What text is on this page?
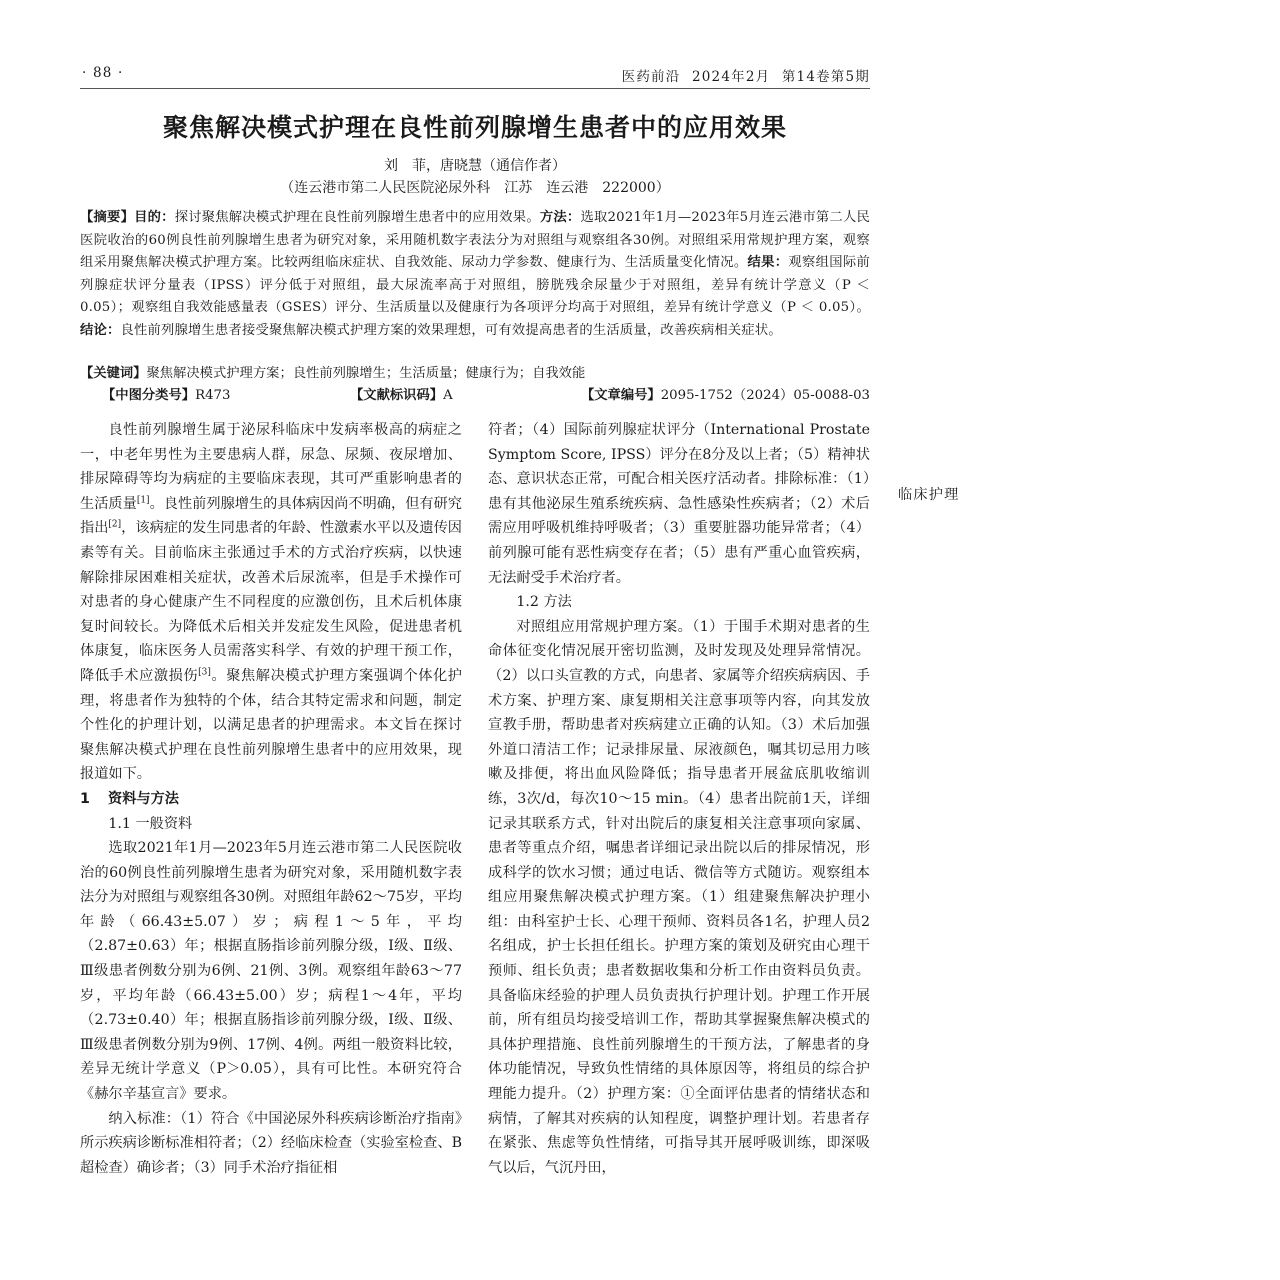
· 88 ·	医药前沿 2024年2月 第14卷第5期
临床护理
聚焦解决模式护理在良性前列腺增生患者中的应用效果
刘　菲，唐晓慧（通信作者）
（连云港市第二人民医院泌尿外科　江苏　连云港　222000）
【摘要】目的：探讨聚焦解决模式护理在良性前列腺增生患者中的应用效果。方法：选取2021年1月—2023年5月连云港市第二人民医院收治的60例良性前列腺增生患者为研究对象，采用随机数字表法分为对照组与观察组各30例。对照组采用常规护理方案，观察组采用聚焦解决模式护理方案。比较两组临床症状、自我效能、尿动力学参数、健康行为、生活质量变化情况。结果：观察组国际前列腺症状评分量表（IPSS）评分低于对照组，最大尿流率高于对照组，膀胱残余尿量少于对照组，差异有统计学意义（P ＜ 0.05）；观察组自我效能感量表（GSES）评分、生活质量以及健康行为各项评分均高于对照组，差异有统计学意义（P ＜ 0.05）。结论：良性前列腺增生患者接受聚焦解决模式护理方案的效果理想，可有效提高患者的生活质量，改善疾病相关症状。
【关键词】聚焦解决模式护理方案；良性前列腺增生；生活质量；健康行为；自我效能
【中图分类号】R473	【文献标识码】A	【文章编号】2095-1752（2024）05-0088-03

良性前列腺增生属于泌尿科临床中发病率极高的病症之一，中老年男性为主要患病人群，尿急、尿频、夜尿增加、排尿障碍等均为病症的主要临床表现，其可严重影响患者的生活质量[1]。良性前列腺增生的具体病因尚不明确，但有研究指出[2]，该病症的发生同患者的年龄、性激素水平以及遗传因素等有关。目前临床主张通过手术的方式治疗疾病，以快速解除排尿困难相关症状，改善术后尿流率，但是手术操作可对患者的身心健康产生不同程度的应激创伤，且术后机体康复时间较长。为降低术后相关并发症发生风险，促进患者机体康复，临床医务人员需落实科学、有效的护理干预工作，降低手术应激损伤[3]。聚焦解决模式护理方案强调个体化护理，将患者作为独特的个体，结合其特定需求和问题，制定个性化的护理计划，以满足患者的护理需求。本文旨在探讨聚焦解决模式护理在良性前列腺增生患者中的应用效果，现报道如下。

1 资料与方法
1.1 一般资料

选取2021年1月—2023年5月连云港市第二人民医院收治的60例良性前列腺增生患者为研究对象，采用随机数字表法分为对照组与观察组各30例。对照组年龄62～75岁，平均年龄（66.43±5.07）岁；病程1～5年，平均（2.87±0.63）年；根据直肠指诊前列腺分级，Ⅰ级、Ⅱ级、Ⅲ级患者例数分别为6例、21例、3例。观察组年龄63～77岁，平均年龄（66.43±5.00）岁；病程1～4年，平均（2.73±0.40）年；根据直肠指诊前列腺分级，Ⅰ级、Ⅱ级、Ⅲ级患者例数分别为9例、17例、4例。两组一般资料比较，差异无统计学意义（P＞0.05），具有可比性。本研究符合《赫尔辛基宣言》要求。

纳入标准：（1）符合《中国泌尿外科疾病诊断治疗指南》所示疾病诊断标准相符者；（2）经临床检查（实验室检查、B超检查）确诊者；（3）同手术治疗指征相

符者；（4）国际前列腺症状评分（International Prostate Symptom Score, IPSS）评分在8分及以上者；（5）精神状态、意识状态正常，可配合相关医疗活动者。排除标准：（1）患有其他泌尿生殖系统疾病、急性感染性疾病者；（2）术后需应用呼吸机维持呼吸者；（3）重要脏器功能异常者；（4）前列腺可能有恶性病变存在者；（5）患有严重心血管疾病，无法耐受手术治疗者。

1.2 方法

对照组应用常规护理方案。（1）于围手术期对患者的生命体征变化情况展开密切监测，及时发现及处理异常情况。（2）以口头宣教的方式，向患者、家属等介绍疾病病因、手术方案、护理方案、康复期相关注意事项等内容，向其发放宣教手册，帮助患者对疾病建立正确的认知。（3）术后加强外道口清洁工作；记录排尿量、尿液颜色，嘱其切忌用力咳嗽及排便，将出血风险降低；指导患者开展盆底肌收缩训练，3次/d，每次10～15 min。（4）患者出院前1天，详细记录其联系方式，针对出院后的康复相关注意事项向家属、患者等重点介绍，嘱患者详细记录出院以后的排尿情况，形成科学的饮水习惯；通过电话、微信等方式随访。观察组本组应用聚焦解决模式护理方案。（1）组建聚焦解决护理小组：由科室护士长、心理干预师、资料员各1名，护理人员2名组成，护士长担任组长。护理方案的策划及研究由心理干预师、组长负责；患者数据收集和分析工作由资料员负责。具备临床经验的护理人员负责执行护理计划。护理工作开展前，所有组员均接受培训工作，帮助其掌握聚焦解决模式的具体护理措施、良性前列腺增生的干预方法，了解患者的身体功能情况，导致负性情绪的具体原因等，将组员的综合护理能力提升。（2）护理方案：①全面评估患者的情绪状态和病情，了解其对疾病的认知程度，调整护理计划。若患者存在紧张、焦虑等负性情绪，可指导其开展呼吸训练，即深吸气以后，气沉丹田，
